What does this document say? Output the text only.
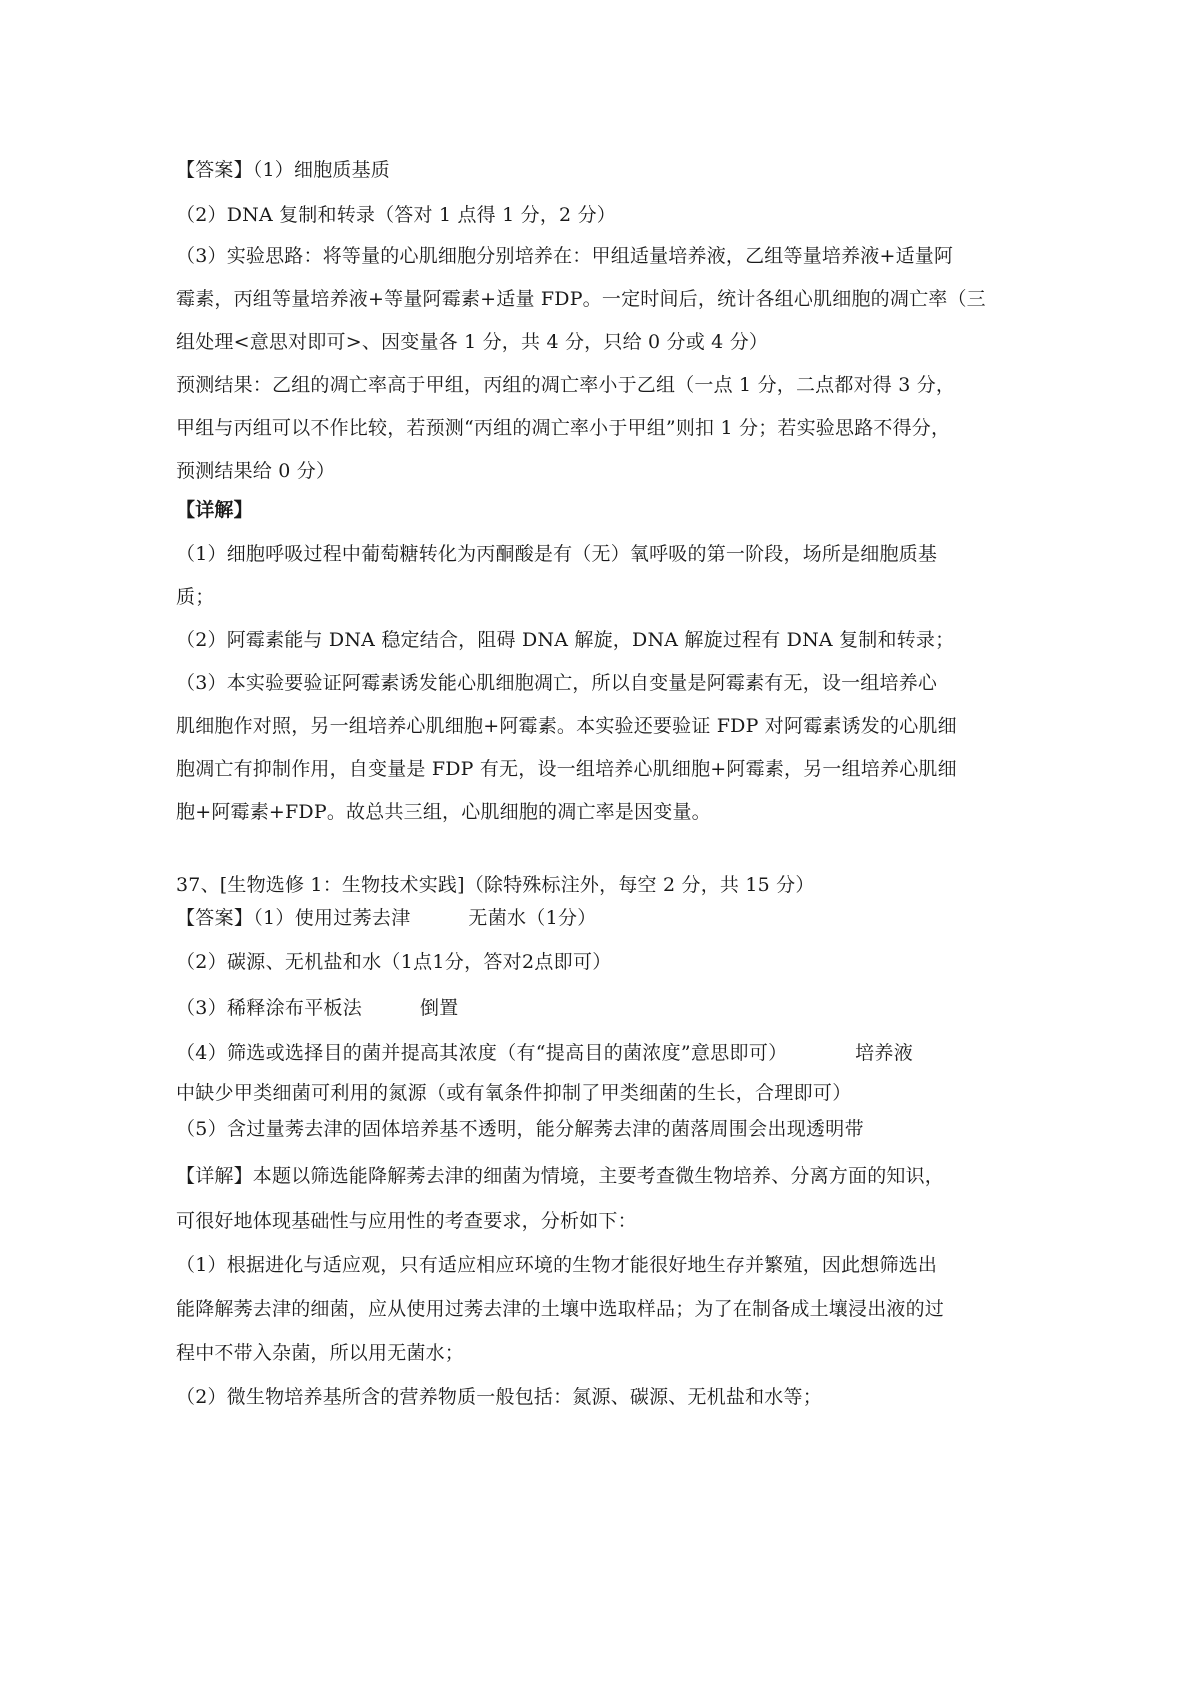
【答案】（1）细胞质基质
（2）DNA 复制和转录（答对 1 点得 1 分，2 分）
（3）实验思路：将等量的心肌细胞分别培养在：甲组适量培养液，乙组等量培养液+适量阿
霉素，丙组等量培养液+等量阿霉素+适量 FDP。一定时间后，统计各组心肌细胞的凋亡率（三
组处理<意思对即可>、因变量各 1 分，共 4 分，只给 0 分或 4 分）
预测结果：乙组的凋亡率高于甲组，丙组的凋亡率小于乙组（一点 1 分，二点都对得 3 分，
甲组与丙组可以不作比较，若预测“丙组的凋亡率小于甲组”则扣 1 分；若实验思路不得分，
预测结果给 0 分）
【详解】
（1）细胞呼吸过程中葡萄糖转化为丙酮酸是有（无）氧呼吸的第一阶段，场所是细胞质基
质；
（2）阿霉素能与 DNA 稳定结合，阻碍 DNA 解旋，DNA 解旋过程有 DNA 复制和转录；
（3）本实验要验证阿霉素诱发能心肌细胞凋亡，所以自变量是阿霉素有无，设一组培养心
肌细胞作对照，另一组培养心肌细胞+阿霉素。本实验还要验证 FDP 对阿霉素诱发的心肌细
胞凋亡有抑制作用，自变量是 FDP 有无，设一组培养心肌细胞+阿霉素，另一组培养心肌细
胞+阿霉素+FDP。故总共三组，心肌细胞的凋亡率是因变量。
37、[生物选修 1：生物技术实践]（除特殊标注外，每空 2 分，共 15 分）
【答案】（1）使用过莠去津　　　无菌水（1分）
（2）碳源、无机盐和水（1点1分，答对2点即可）
（3）稀释涂布平板法　　　倒置
（4）筛选或选择目的菌并提高其浓度（有“提高目的菌浓度”意思即可）　　　　培养液
中缺少甲类细菌可利用的氮源（或有氧条件抑制了甲类细菌的生长，合理即可）
（5）含过量莠去津的固体培养基不透明，能分解莠去津的菌落周围会出现透明带
【详解】本题以筛选能降解莠去津的细菌为情境，主要考查微生物培养、分离方面的知识，
可很好地体现基础性与应用性的考查要求，分析如下：
（1）根据进化与适应观，只有适应相应环境的生物才能很好地生存并繁殖，因此想筛选出
能降解莠去津的细菌，应从使用过莠去津的土壤中选取样品；为了在制备成土壤浸出液的过
程中不带入杂菌，所以用无菌水；
（2）微生物培养基所含的营养物质一般包括：氮源、碳源、无机盐和水等；
